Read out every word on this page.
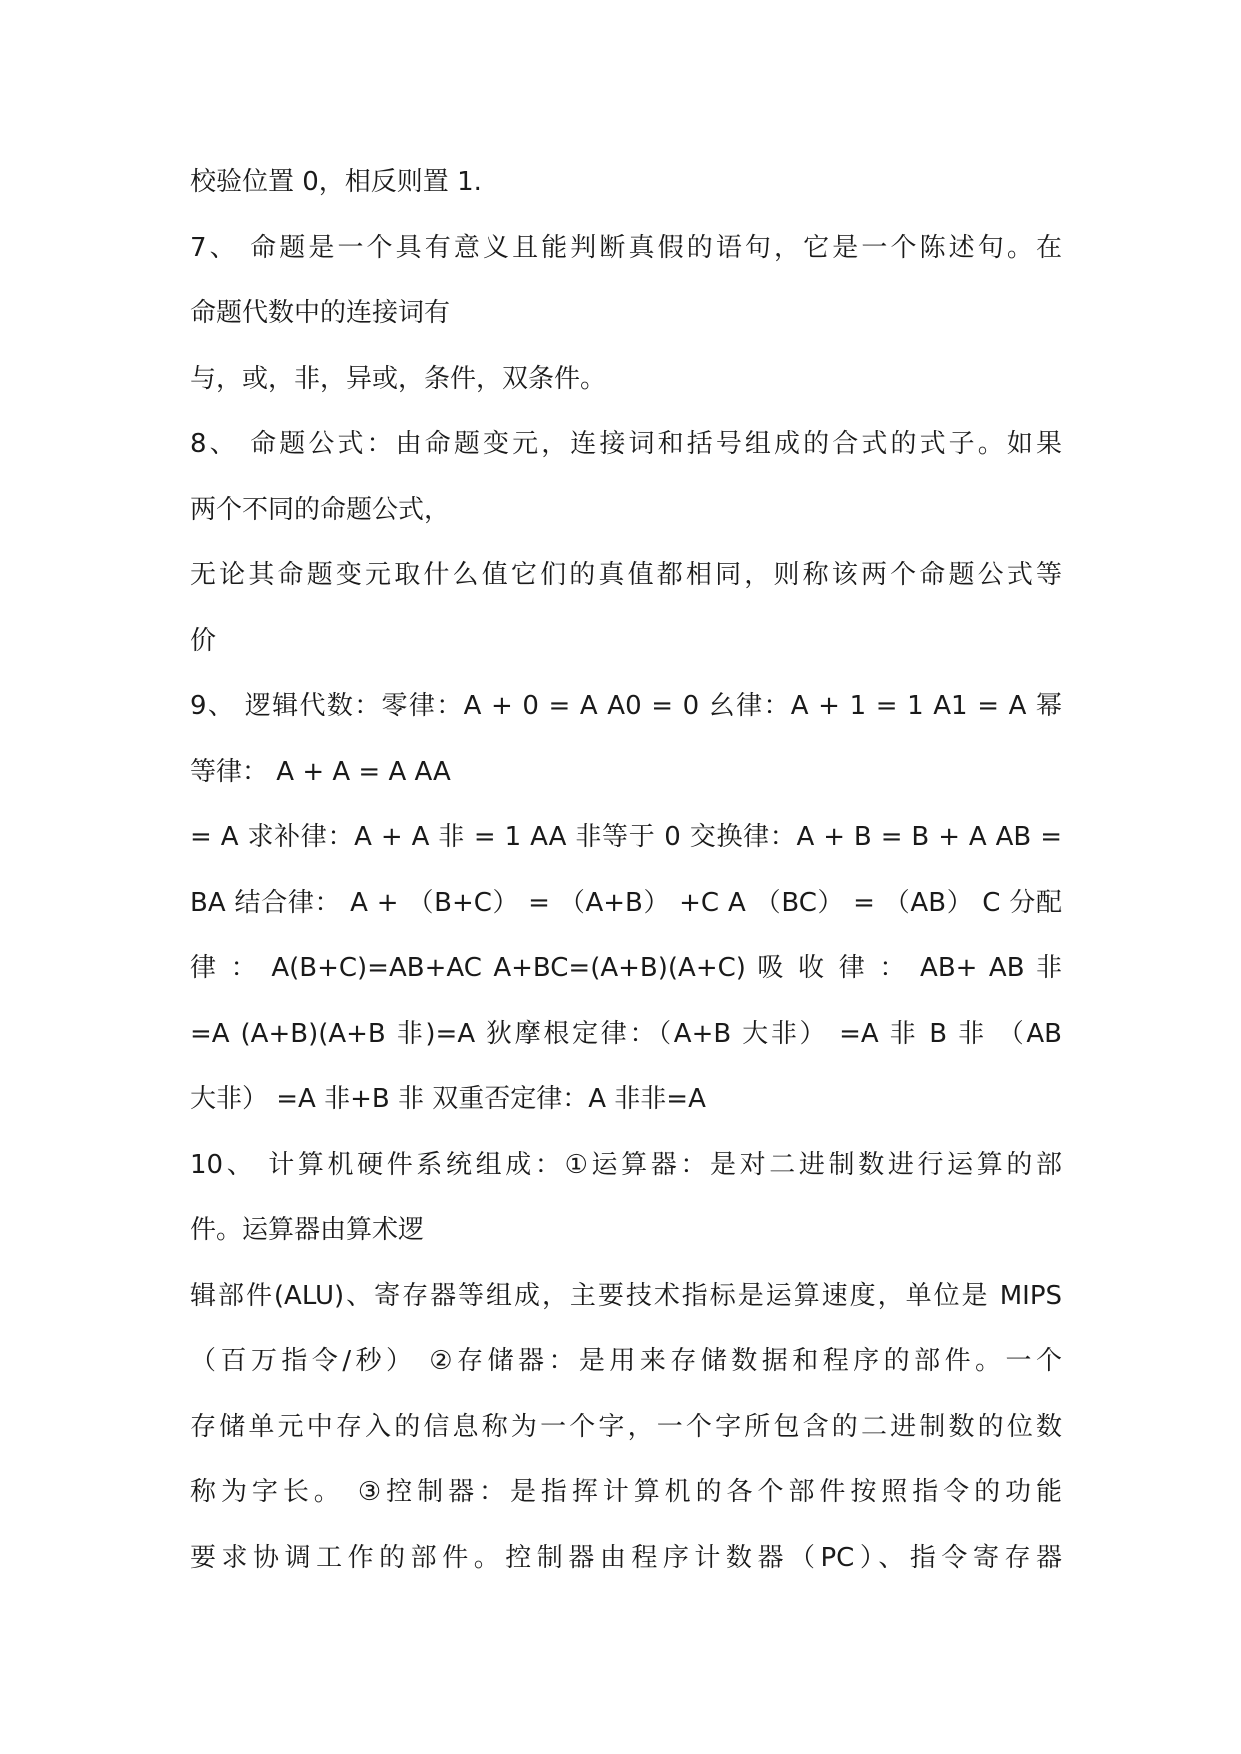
校验位置 0，相反则置 1.
7、 命题是一个具有意义且能判断真假的语句，它是一个陈述句。在
命题代数中的连接词有
与，或，非，异或，条件，双条件。
8、 命题公式：由命题变元，连接词和括号组成的合式的式子。如果
两个不同的命题公式，
无论其命题变元取什么值它们的真值都相同，则称该两个命题公式等
价
9、 逻辑代数：零律：A + 0 = A A0 = 0 幺律：A + 1 = 1 A1 = A 幂
等律： A + A = A AA
= A 求补律：A + A 非 = 1 AA 非等于 0 交换律：A + B = B + A AB =
BA 结合律： A + （B+C） = （A+B） +C A （BC） = （AB） C 分配
律 ： A(B+C)=AB+AC A+BC=(A+B)(A+C) 吸 收 律 ： AB+ AB 非
=A (A+B)(A+B 非)=A 狄摩根定律：（A+B 大非） =A 非 B 非 （AB
大非） =A 非+B 非 双重否定律：A 非非=A
10、 计算机硬件系统组成：①运算器：是对二进制数进行运算的部
件。运算器由算术逻
辑部件(ALU)、寄存器等组成，主要技术指标是运算速度，单位是 MIPS
（百万指令/秒） ②存储器：是用来存储数据和程序的部件。一个
存储单元中存入的信息称为一个字，一个字所包含的二进制数的位数
称为字长。 ③控制器：是指挥计算机的各个部件按照指令的功能
要求协调工作的部件。控制器由程序计数器（PC）、指令寄存器
